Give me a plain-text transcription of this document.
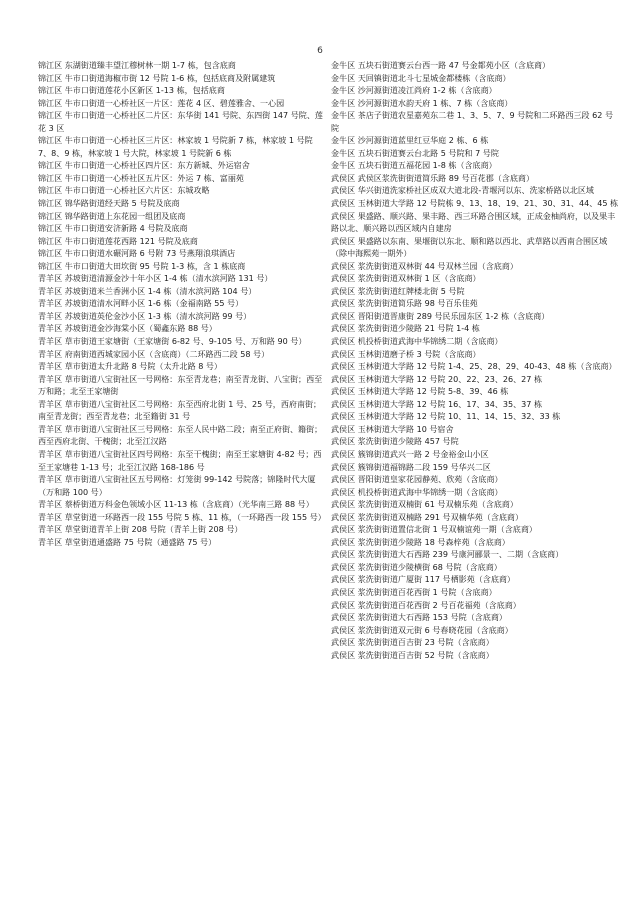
6

锦江区 东湖街道臻丰望江穆树林一期 1-7 栋，包含底商

锦江区 牛市口街道海椒市街 12 号院 1-6 栋，包括底商及附属建筑

锦江区 牛市口街道莲花小区新区 1-13 栋，包括底商

锦江区 牛市口街道一心桥社区一片区：莲花 4 区、碧莲雅舍、一心园

锦江区 牛市口街道一心桥社区二片区：东华街 141 号院、东四街 147 号院、莲花 3 区

锦江区 牛市口街道一心桥社区三片区：林家坡 1 号院新 7 栋，林家坡 1 号院 7、8、9 栋，林家坡 1 号大院，林家坡 1 号院新 6 栋

锦江区 牛市口街道一心桥社区四片区：东方新城、外运宿舍

锦江区 牛市口街道一心桥社区五片区：外运 7 栋、富丽苑

锦江区 牛市口街道一心桥社区六片区：东城攻略

锦江区 锦华路街道经天路 5 号院及底商

锦江区 锦华路街道上东花园一组团及底商

锦江区 牛市口街道安济新路 4 号院及底商

锦江区 牛市口街道莲花西路 121 号院及底商

锦江区 牛市口街道水碾河路 6 号附 73 号燕翔浪琪酒店

锦江区 牛市口街道大田坎街 95 号院 1-3 栋，含 1 栋底商

青羊区 苏坡街道清源金沙十年小区 1-4 栋（清水滨河路 131 号）

青羊区 苏坡街道米兰香洲小区 1-4 栋（清水滨河路 104 号）

青羊区 苏坡街道清水河畔小区 1-6 栋（金福南路 55 号）

青羊区 苏坡街道英伦金沙小区 1-3 栋（清水滨河路 99 号）

青羊区 苏坡街道金沙海棠小区（蜀鑫东路 88 号）

青羊区 草市街道王家塘街（王家塘街 6-82 号、9-105 号、万和路 90 号）

青羊区 府南街道西城家园小区（含底商）（二环路西二段 58 号）

青羊区 草市街道太升北路 8 号院（太升北路 8 号）

青羊区 草市街道八宝街社区一号网格：东至青龙巷；南至青龙街、八宝街；西至万和路；北至王家塘街

青羊区 草市街道八宝街社区二号网格：东至西府北街 1 号、25 号，西府南街；南至青龙街；西至青龙巷；北至籍街 31 号

青羊区 草市街道八宝街社区三号网格：东至人民中路二段；南至正府街、籍街；西至西府北街、干槐街；北至江汉路

青羊区 草市街道八宝街社区四号网格：东至干槐街；南至王家塘街 4-82 号；西至王家塘巷 1-13 号；北至江汉路 168-186 号

青羊区 草市街道八宝街社区五号网格：灯笼街 99-142 号院落；锦隆时代大厦（万和路 100 号）

青羊区 蔡桥街道万科金色领域小区 11-13 栋（含底商）（光华南三路 88 号）

青羊区 草堂街道一环路西一段 155 号院 5 栋、11 栋，（一环路西一段 155 号）

青羊区 草堂街道青羊上街 208 号院（青羊上街 208 号）

青羊区 草堂街道通盛路 75 号院（通盛路 75 号）

金牛区 五块石街道赛云台西一路 47 号金都苑小区（含底商）

金牛区 天回镇街道北斗七星城金都楼栋（含底商）

金牛区 沙河源街道凌江尚府 1-2 栋（含底商）

金牛区 沙河源街道水韵天府 1 栋、7 栋（含底商）

金牛区 茶店子街道农星嘉苑东二巷 1、3、5、7、9 号院和二环路西三段 62 号院

金牛区 沙河源街道蓝里红豆华庭 2 栋、6 栋

金牛区 五块石街道赛云台北路 5 号院和 7 号院

金牛区 五块石街道五福花园 1-8 栋（含底商）

武侯区 武侯区浆洗街街道简乐路 89 号百花郡（含底商）

武侯区 华兴街道洗家桥社区成双大道北段-青堰河以东、洗家桥路以北区域

武侯区 玉林街道大学路 12 号院栋 9、13、18、19、21、30、31、44、45 栋

武侯区 果盛路、顺兴路、果丰路、西三环路合围区域，正成金柚尚府，以及果丰路以北、顺兴路以西区域内自建房

武侯区 果盛路以东南、果堰街以东北、顺和路以西北、武草路以西南合围区域（除中海熙苑一期外）

武侯区 浆洗街街道双林街 44 号双林兰园（含底商）

武侯区 浆洗街街道双林街 1 区（含底商）

武侯区 浆洗街街道红牌楼北街 5 号院

武侯区 浆洗街街道简乐路 98 号百乐佳苑

武侯区 晋阳街道晋康街 289 号民乐园东区 1-2 栋（含底商）

武侯区 浆洗街街道少陵路 21 号院 1-4 栋

武侯区 机投桥街道武海中华锦绣二期（含底商）

武侯区 玉林街道磨子桥 3 号院（含底商）

武侯区 玉林街道大学路 12 号院 1-4、25、28、29、40-43、48 栋（含底商）

武侯区 玉林街道大学路 12 号院 20、22、23、26、27 栋

武侯区 玉林街道大学路 12 号院 5-8、39、46 栋

武侯区 玉林街道大学路 12 号院 16、17、34、35、37 栋

武侯区 玉林街道大学路 12 号院 10、11、14、15、32、33 栋

武侯区 玉林街道大学路 10 号宿舍

武侯区 浆洗街街道少陵路 457 号院

武侯区 簇锦街道武兴一路 2 号金裕金山小区

武侯区 簇锦街道福锦路二段 159 号华兴二区

武侯区 晋阳街道皇家花园静苑、欣苑（含底商）

武侯区 机投桥街道武海中华锦绣一期（含底商）

武侯区 浆洗街街道双楠街 61 号双楠乐苑（含底商）

武侯区 浆洗街街道双楠路 291 号双楠华苑（含底商）

武侯区 浆洗街街道置信北街 1 号双楠谊苑一期（含底商）

武侯区 浆洗街街道少陵路 18 号森梓苑（含底商）

武侯区 浆洗街街道大石西路 239 号康河郦景一、二期（含底商）

武侯区 浆洗街街道少陵横街 68 号院（含底商）

武侯区 浆洗街街道广厦街 117 号栖影苑（含底商）

武侯区 浆洗街街道百花西街 1 号院（含底商）

武侯区 浆洗街街道百花西街 2 号百花福苑（含底商）

武侯区 浆洗街街道大石西路 153 号院（含底商）

武侯区 浆洗街街道双元街 6 号春晓花园（含底商）

武侯区 浆洗街街道百吉街 23 号院（含底商）

武侯区 浆洗街街道百吉街 52 号院（含底商）
